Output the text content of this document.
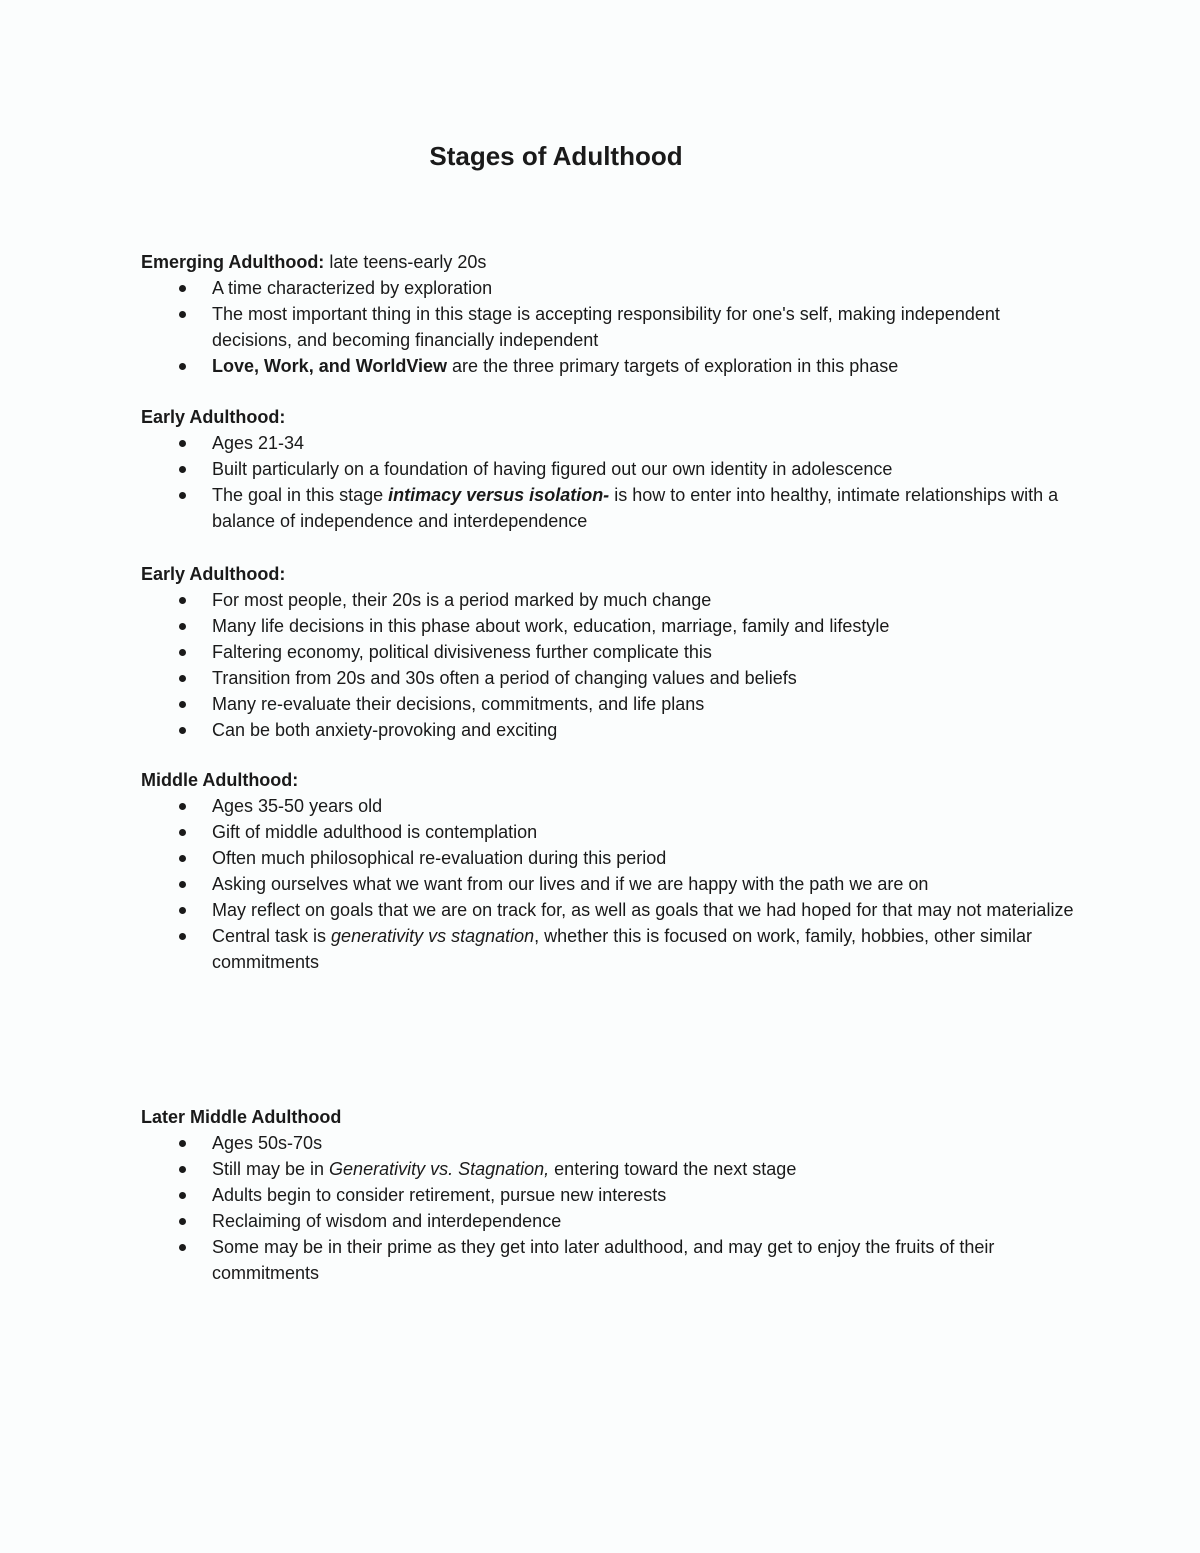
Stages of Adulthood

Emerging Adulthood: late teens-early 20s

A time characterized by exploration
The most important thing in this stage is accepting responsibility for one's self, making independent decisions, and becoming financially independent
Love, Work, and WorldView are the three primary targets of exploration in this phase

Early Adulthood:

Ages 21-34
Built particularly on a foundation of having figured out our own identity in adolescence
The goal in this stage intimacy versus isolation- is how to enter into healthy, intimate relationships with a balance of independence and interdependence

Early Adulthood:

For most people, their 20s is a period marked by much change
Many life decisions in this phase about work, education, marriage, family and lifestyle
Faltering economy, political divisiveness further complicate this
Transition from 20s and 30s often a period of changing values and beliefs
Many re-evaluate their decisions, commitments, and life plans
Can be both anxiety-provoking and exciting

Middle Adulthood:

Ages 35-50 years old
Gift of middle adulthood is contemplation
Often much philosophical re-evaluation during this period
Asking ourselves what we want from our lives and if we are happy with the path we are on
May reflect on goals that we are on track for, as well as goals that we had hoped for that may not materialize
Central task is generativity vs stagnation, whether this is focused on work, family, hobbies, other similar commitments

Later Middle Adulthood

Ages 50s-70s
Still may be in Generativity vs. Stagnation, entering toward the next stage
Adults begin to consider retirement, pursue new interests
Reclaiming of wisdom and interdependence
Some may be in their prime as they get into later adulthood, and may get to enjoy the fruits of their commitments
